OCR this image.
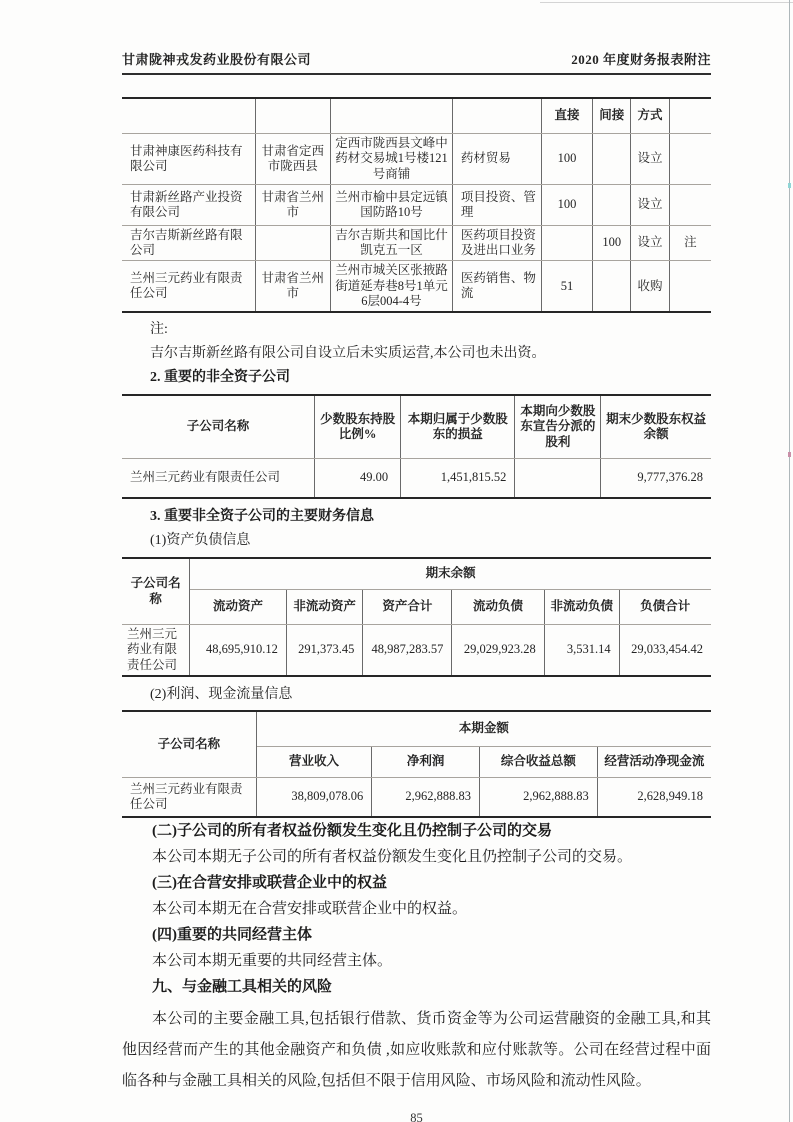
甘肃陇神戎发药业股份有限公司	2020 年度财务报表附注
				直接	间接	方式	
甘肃神康医药科技有限公司	甘肃省定西市陇西县	定西市陇西县文峰中药材交易城1号楼121号商铺	药材贸易	100		设立	
甘肃新丝路产业投资有限公司	甘肃省兰州市	兰州市榆中县定远镇国防路10号	项目投资、管理	100		设立	
吉尔吉斯新丝路有限公司		吉尔吉斯共和国比什凯克五一区	医药项目投资及进出口业务		100	设立	注
兰州三元药业有限责任公司	甘肃省兰州市	兰州市城关区张掖路街道延寿巷8号1单元6层004-4号	医药销售、物流	51		收购	

注:

吉尔吉斯新丝路有限公司自设立后未实质运营,本公司也未出资。

2. 重要的非全资子公司

子公司名称	少数股东持股比例%	本期归属于少数股东的损益	本期向少数股东宣告分派的股利	期末少数股东权益余额
兰州三元药业有限责任公司	49.00	1,451,815.52		9,777,376.28

3. 重要非全资子公司的主要财务信息

(1)资产负债信息

子公司名称	期末余额					
	流动资产	非流动资产	资产合计	流动负债	非流动负债	负债合计
兰州三元药业有限责任公司	48,695,910.12	291,373.45	48,987,283.57	29,029,923.28	3,531.14	29,033,454.42

(2)利润、现金流量信息

子公司名称	本期金额			
	营业收入	净利润	综合收益总额	经营活动净现金流
兰州三元药业有限责任公司	38,809,078.06	2,962,888.83	2,962,888.83	2,628,949.18

(二)子公司的所有者权益份额发生变化且仍控制子公司的交易

本公司本期无子公司的所有者权益份额发生变化且仍控制子公司的交易。

(三)在合营安排或联营企业中的权益

本公司本期无在合营安排或联营企业中的权益。

(四)重要的共同经营主体

本公司本期无重要的共同经营主体。

九、与金融工具相关的风险

本公司的主要金融工具,包括银行借款、货币资金等为公司运营融资的金融工具,和其他因经营而产生的其他金融资产和负债 ,如应收账款和应付账款等。公司在经营过程中面临各种与金融工具相关的风险,包括但不限于信用风险、市场风险和流动性风险。

85
